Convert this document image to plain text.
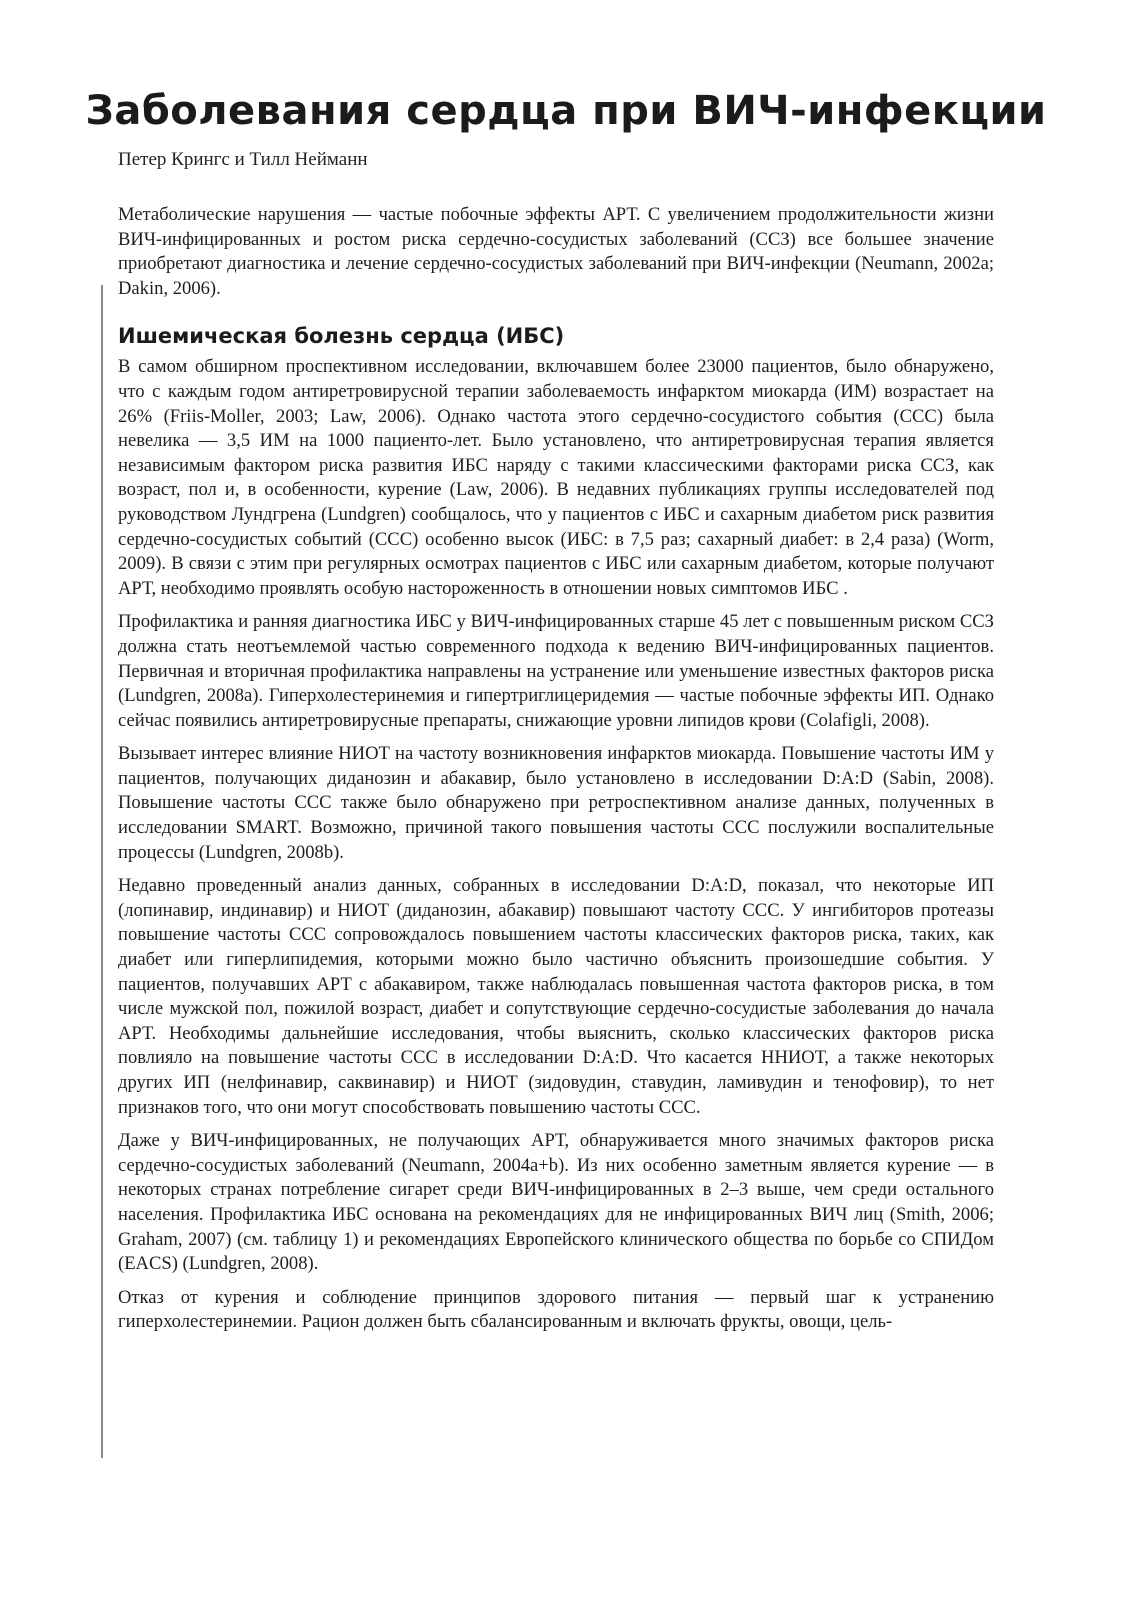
Заболевания сердца при ВИЧ-инфекции

Петер Крингс и Тилл Нейманн

Метаболические нарушения — частые побочные эффекты АРТ. С увеличением продолжительности жизни ВИЧ-инфицированных и ростом риска сердечно-сосудистых заболеваний (ССЗ) все большее значение приобретают диагностика и лечение сердечно-сосудистых заболеваний при ВИЧ-инфекции (Neumann, 2002a; Dakin, 2006).

Ишемическая болезнь сердца (ИБС)

В самом обширном проспективном исследовании, включавшем более 23000 пациентов, было обнаружено, что с каждым годом антиретровирусной терапии заболеваемость инфарктом миокарда (ИМ) возрастает на 26% (Friis-Moller, 2003; Law, 2006). Однако частота этого сердечно-сосудистого события (ССС) была невелика — 3,5 ИМ на 1000 пациенто-лет. Было установлено, что антиретровирусная терапия является независимым фактором риска развития ИБС наряду с такими классическими факторами риска ССЗ, как возраст, пол и, в особенности, курение (Law, 2006). В недавних публикациях группы исследователей под руководством Лундгрена (Lundgren) сообщалось, что у пациентов с ИБС и сахарным диабетом риск развития сердечно-сосудистых событий (ССС) особенно высок (ИБС: в 7,5 раз; сахарный диабет: в 2,4 раза) (Worm, 2009). В связи с этим при регулярных осмотрах пациентов с ИБС или сахарным диабетом, которые получают АРТ, необходимо проявлять особую настороженность в отношении новых симптомов ИБС .

Профилактика и ранняя диагностика ИБС у ВИЧ-инфицированных старше 45 лет с повышенным риском ССЗ должна стать неотъемлемой частью современного подхода к ведению ВИЧ-инфицированных пациентов. Первичная и вторичная профилактика направлены на устранение или уменьшение известных факторов риска (Lundgren, 2008a). Гиперхолестеринемия и гипертриглицеридемия — частые побочные эффекты ИП. Однако сейчас появились антиретровирусные препараты, снижающие уровни липидов крови (Colafigli, 2008).

Вызывает интерес влияние НИОТ на частоту возникновения инфарктов миокарда. Повышение частоты ИМ у пациентов, получающих диданозин и абакавир, было установлено в исследовании D:A:D (Sabin, 2008). Повышение частоты ССС также было обнаружено при ретроспективном анализе данных, полученных в исследовании SMART. Возможно, причиной такого повышения частоты ССС послужили воспалительные процессы (Lundgren, 2008b).

Недавно проведенный анализ данных, собранных в исследовании D:A:D, показал, что некоторые ИП (лопинавир, индинавир) и НИОТ (диданозин, абакавир) повышают частоту ССС. У ингибиторов протеазы повышение частоты ССС сопровождалось повышением частоты классических факторов риска, таких, как диабет или гиперлипидемия, которыми можно было частично объяснить произошедшие события. У пациентов, получавших АРТ с абакавиром, также наблюдалась повышенная частота факторов риска, в том числе мужской пол, пожилой возраст, диабет и сопутствующие сердечно-сосудистые заболевания до начала АРТ. Необходимы дальнейшие исследования, чтобы выяснить, сколько классических факторов риска повлияло на повышение частоты ССС в исследовании D:A:D. Что касается ННИОТ, а также некоторых других ИП (нелфинавир, саквинавир) и НИОТ (зидовудин, ставудин, ламивудин и тенофовир), то нет признаков того, что они могут способствовать повышению частоты ССС.

Даже у ВИЧ-инфицированных, не получающих АРТ, обнаруживается много значимых факторов риска сердечно-сосудистых заболеваний (Neumann, 2004a+b). Из них особенно заметным является курение — в некоторых странах потребление сигарет среди ВИЧ-инфицированных в 2–3 выше, чем среди остального населения. Профилактика ИБС основана на рекомендациях для не инфицированных ВИЧ лиц (Smith, 2006; Graham, 2007) (см. таблицу 1) и рекомендациях Европейского клинического общества по борьбе со СПИДом (EACS) (Lundgren, 2008).

Отказ от курения и соблюдение принципов здорового питания — первый шаг к устранению гиперхолестеринемии. Рацион должен быть сбалансированным и включать фрукты, овощи, цель-
